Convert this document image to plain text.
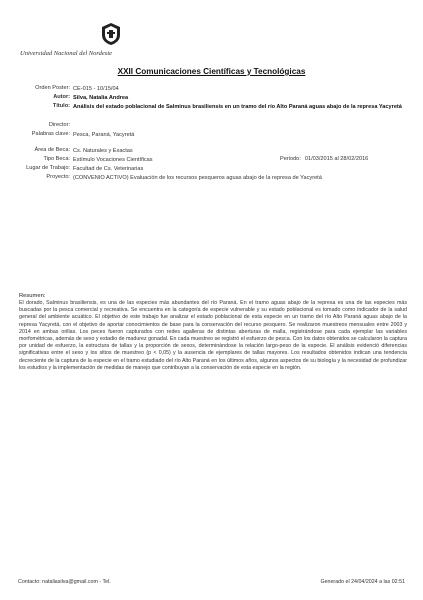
Universidad Nacional del Nordeste
XXII Comunicaciones Científicas y Tecnológicas
Orden Poster: CE-015 - 10/15/04
Autor: Silva, Natalia Andrea
Título: Análisis del estado poblacional de Salminus brasiliensis en un tramo del río Alto Paraná aguas abajo de la represa Yacyretá
Director:
Palabras clave: Pesca, Paraná, Yacyretá
Área de Beca: Cs. Naturales y Exactas
Tipo Beca: Estímulo Vocaciones Científicas	Periodo: 01/03/2015 al 28/02/2016
Lugar de Trabajo: Facultad de Cs. Veterinarias
Proyecto: (CONVENIO ACTIVO) Evaluación de los recursos pesqueros aguas abajo de la represa de Yacyretá
Resumen:
El dorado, Salminus brasiliensis, es una de las especies más abundantes del río Paraná. En el tramo aguas abajo de la represa es una de las especies más buscadas por la pesca comercial y recreativa. Se encuentra en la categoría de especie vulnerable y su estado poblacional es tomado como indicador de la salud general del ambiente acuático. El objetivo de este trabajo fue analizar el estado poblacional de esta especie en un tramo del río Alto Paraná aguas abajo de la represa Yacyretá, con el objetivo de aportar conocimientos de base para la conservación del recurso pesquero. Se realizaron muestreos mensuales entre 2003 y 2014 en ambas orillas. Los peces fueron capturados con redes agalleras de distintas aberturas de malla, registrándose para cada ejemplar las variables morfométricas, además de sexo y estadio de madurez gonadal. En cada muestreo se registró el esfuerzo de pesca. Con los datos obtenidos se calcularon la captura por unidad de esfuerzo, la estructura de tallas y la proporción de sexos, determinándose la relación largo-peso de la especie. El análisis evidenció diferencias significativas entre el sexo y los sitios de muestreo (p < 0,05) y la ausencia de ejemplares de tallas mayores. Los resultados obtenidos indican una tendencia decreciente de la captura de la especie en el tramo estudiado del río Alto Paraná en los últimos años, algunos aspectos de su biología y la necesidad de profundizar los estudios y la implementación de medidas de manejo que contribuyan a la conservación de esta especie en la región.
Contacto: nataliasilva@gmail.com - Tel.	Generado el 24/04/2024 a las 02:51
